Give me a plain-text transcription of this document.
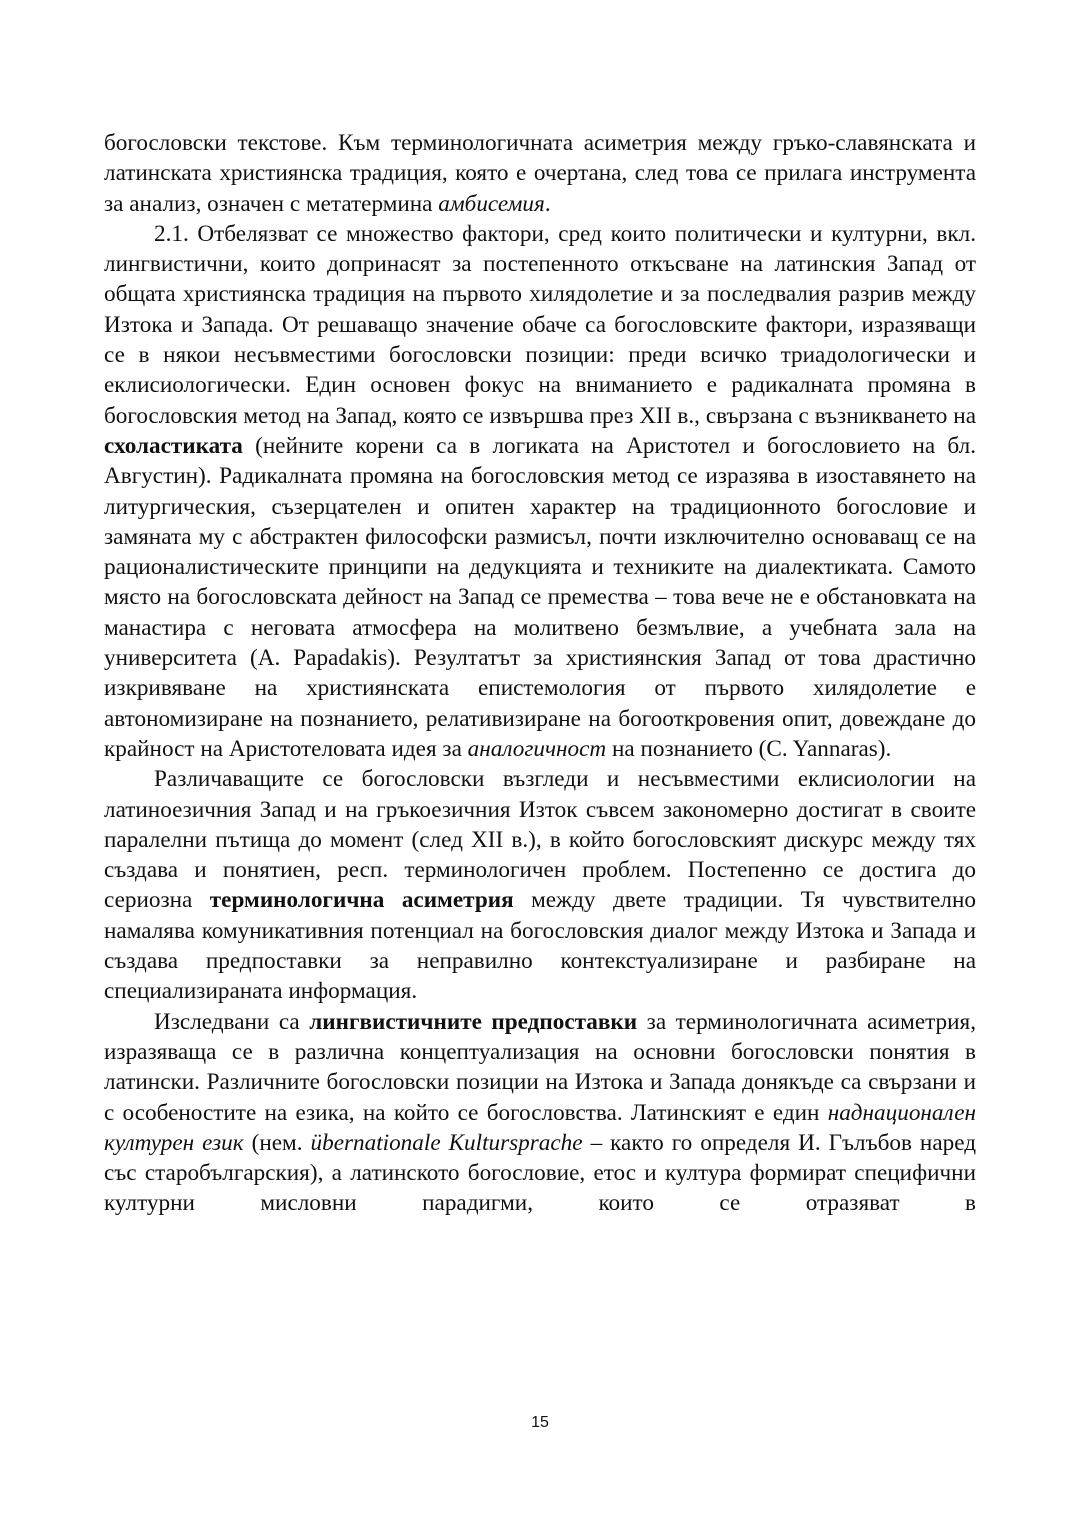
богословски текстове. Към терминологичната асиметрия между гръко-славянската и латинската християнска традиция, която е очертана, след това се прилага инструмента за анализ, означен с метатермина амбисемия.

2.1. Отбелязват се множество фактори, сред които политически и културни, вкл. лингвистични, които допринасят за постепенното откъсване на латинския Запад от общата християнска традиция на първото хилядолетие и за последвалия разрив между Изтока и Запада. От решаващо значение обаче са богословските фактори, изразяващи се в някои несъвместими богословски позиции: преди всичко триадологически и еклисиологически. Един основен фокус на вниманието е радикалната промяна в богословския метод на Запад, която се извършва през XII в., свързана с възникването на схоластиката (нейните корени са в логиката на Аристотел и богословието на бл. Августин). Радикалната промяна на богословския метод се изразява в изоставянето на литургическия, съзерцателен и опитен характер на традиционното богословие и замяната му с абстрактен философски размисъл, почти изключително основаващ се на рационалистическите принципи на дедукцията и техниките на диалектиката. Самото място на богословската дейност на Запад се премества – това вече не е обстановката на манастира с неговата атмосфера на молитвено безмълвие, а учебната зала на университета (A. Papadakis). Резултатът за християнския Запад от това драстично изкривяване на християнската епистемология от първото хилядолетие е автономизиране на познанието, релативизиране на богооткровения опит, довеждане до крайност на Аристотеловата идея за аналогичност на познанието (C. Yannaras).

Различаващите се богословски възгледи и несъвместими еклисиологии на латиноезичния Запад и на гръкоезичния Изток съвсем закономерно достигат в своите паралелни пътища до момент (след XII в.), в който богословският дискурс между тях създава и понятиен, респ. терминологичен проблем. Постепенно се достига до сериозна терминологична асиметрия между двете традиции. Тя чувствително намалява комуникативния потенциал на богословския диалог между Изтока и Запада и създава предпоставки за неправилно контекстуализиране и разбиране на специализираната информация.

Изследвани са лингвистичните предпоставки за терминологичната асиметрия, изразяваща се в различна концептуализация на основни богословски понятия в латински. Различните богословски позиции на Изтока и Запада донякъде са свързани и с особеностите на езика, на който се богословства. Латинският е един наднационален културен език (нем. übernationale Kultursprache – както го определя И. Гълъбов наред със старобългарския), а латинското богословие, етос и култура формират специфични културни мисловни парадигми, които се отразяват в

15
